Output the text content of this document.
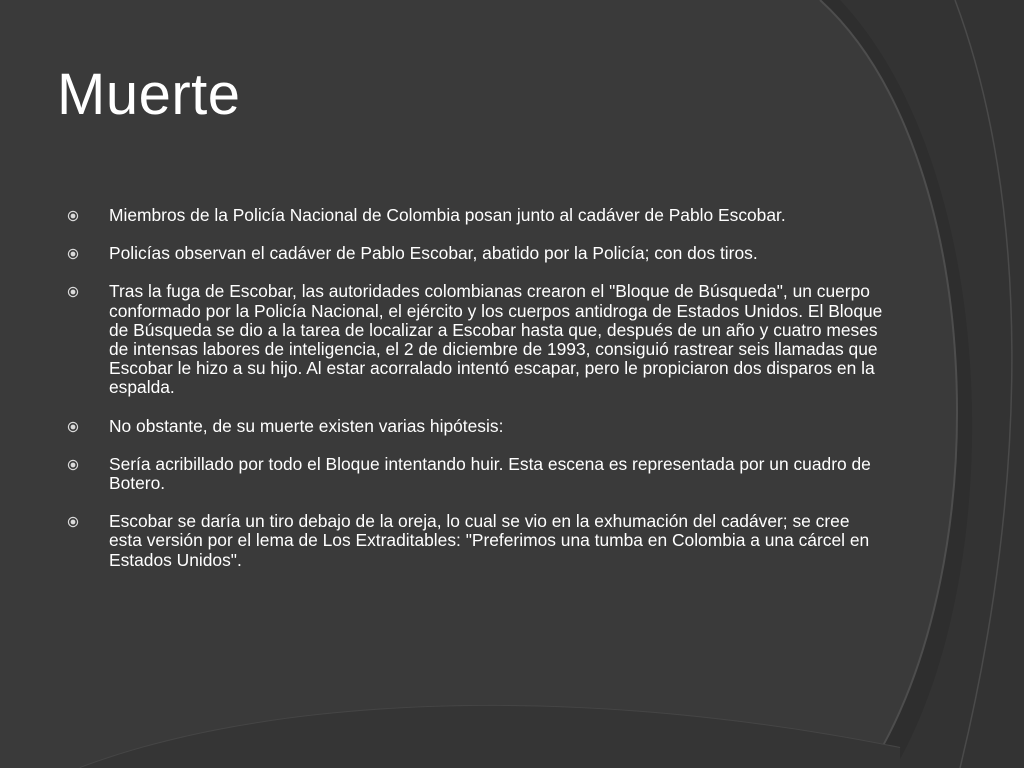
Muerte
Miembros de la Policía Nacional de Colombia posan junto al cadáver de Pablo Escobar.
Policías observan el cadáver de Pablo Escobar, abatido por la Policía; con dos tiros.
Tras la fuga de Escobar, las autoridades colombianas crearon el "Bloque de Búsqueda", un cuerpo conformado por la Policía Nacional, el ejército y los cuerpos antidroga de Estados Unidos. El Bloque de Búsqueda se dio a la tarea de localizar a Escobar hasta que, después de un año y cuatro meses de intensas labores de inteligencia, el 2 de diciembre de 1993, consiguió rastrear seis llamadas que Escobar le hizo a su hijo. Al estar acorralado intentó escapar, pero le propiciaron dos disparos en la espalda.
No obstante, de su muerte existen varias hipótesis:
Sería acribillado por todo el Bloque intentando huir. Esta escena es representada por un cuadro de Botero.
Escobar se daría un tiro debajo de la oreja, lo cual se vio en la exhumación del cadáver; se cree esta versión por el lema de Los Extraditables: "Preferimos una tumba en Colombia a una cárcel en Estados Unidos".
